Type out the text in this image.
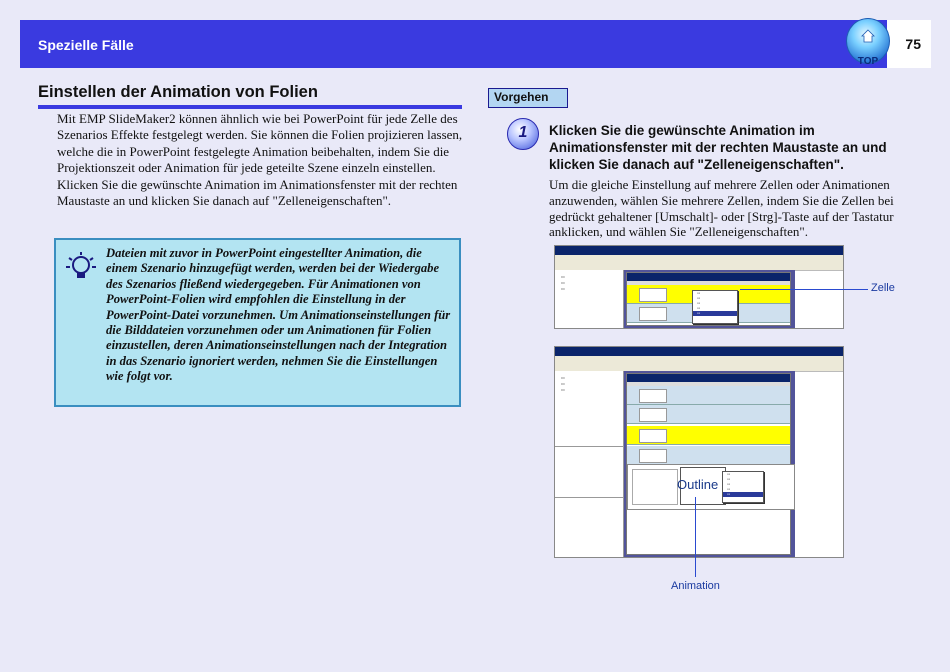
Spezielle Fälle	75
TOP
Einstellen der Animation von Folien
Mit EMP SlideMaker2 können ähnlich wie bei PowerPoint für jede Zelle des Szenarios Effekte festgelegt werden. Sie können die Folien projizieren lassen, welche die in PowerPoint festgelegte Animation beibehalten, indem Sie die Projektionszeit oder Animation für jede geteilte Szene einzeln einstellen. Klicken Sie die gewünschte Animation im Animationsfenster mit der rechten Maustaste an und klicken Sie danach auf "Zelleneigenschaften".
Dateien mit zuvor in PowerPoint eingestellter Animation, die einem Szenario hinzugefügt werden, werden bei der Wiedergabe des Szenarios fließend wiedergegeben. Für Animationen von PowerPoint-Folien wird empfohlen die Einstellung in der PowerPoint-Datei vorzunehmen. Um Animationseinstellungen für die Bilddateien vorzunehmen oder um Animationen für Folien einzustellen, deren Animationseinstellungen nach der Integration in das Szenario ignoriert werden, nehmen Sie die Einstellungen wie folgt vor.
Vorgehen
1	Klicken Sie die gewünschte Animation im Animationsfenster mit der rechten Maustaste an und klicken Sie danach auf "Zelleneigenschaften".
Um die gleiche Einstellung auf mehrere Zellen oder Animationen anzuwenden, wählen Sie mehrere Zellen, indem Sie die Zellen bei gedrückt gehaltener [Umschalt]- oder [Strg]-Taste auf der Tastatur anklicken, und wählen Sie "Zelleneigenschaften".
▭
▭
▭
▭
▭
▭
▭
▭
Zelle
▭
▭
▭
▭
▭
▭
▭
▭
Outline
Animation
